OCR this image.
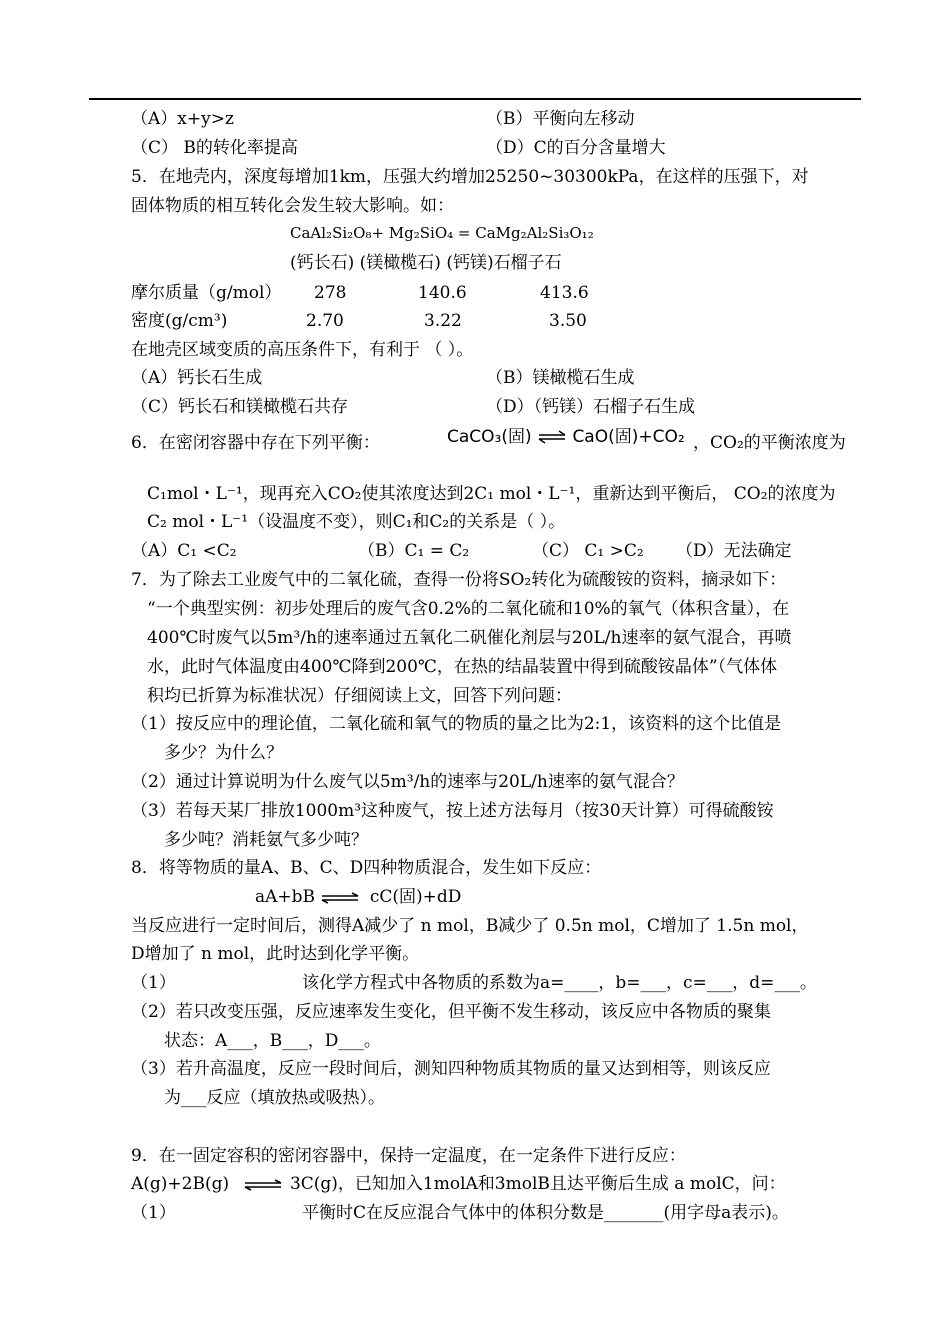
（A）x+y>z	（B）平衡向左移动
（C） B的转化率提高	（D）C的百分含量增大
5．在地壳内，深度每增加1km，压强大约增加25250~30300kPa，在这样的压强下，对
固体物质的相互转化会发生较大影响。如：
CaAl₂Si₂O₈+ Mg₂SiO₄ = CaMg₂Al₂Si₃O₁₂
(钙长石) (镁橄榄石) (钙镁)石榴子石
摩尔质量（g/mol） 278	140.6	413.6
密度(g/cm³)	2.70	3.22	3.50
在地壳区域变质的高压条件下，有利于 （ ）。
（A）钙长石生成	（B）镁橄榄石生成
（C）钙长石和镁橄榄石共存	（D）（钙镁）石榴子石生成
6．在密闭容器中存在下列平衡：	CaCO₃(固) ⇌ CaO(固)+CO₂ ，CO₂的平衡浓度为
C₁mol・L⁻¹，现再充入CO₂使其浓度达到2C₁ mol・L⁻¹，重新达到平衡后， CO₂的浓度为
C₂ mol・L⁻¹（设温度不变），则C₁和C₂的关系是（ ）。
（A）C₁ <C₂	（B）C₁ = C₂	（C） C₁ >C₂ （D）无法确定
7．为了除去工业废气中的二氧化硫，查得一份将SO₂转化为硫酸铵的资料，摘录如下：
“一个典型实例：初步处理后的废气含0.2%的二氧化硫和10%的氧气（体积含量），在
400℃时废气以5m³/h的速率通过五氧化二矾催化剂层与20L/h速率的氨气混合，再喷
水，此时气体温度由400℃降到200℃，在热的结晶装置中得到硫酸铵晶体”（气体体
积均已折算为标准状况）仔细阅读上文，回答下列问题：
（1）按反应中的理论值，二氧化硫和氧气的物质的量之比为2:1，该资料的这个比值是
多少？为什么？
（2）通过计算说明为什么废气以5m³/h的速率与20L/h速率的氨气混合？
（3）若每天某厂排放1000m³这种废气，按上述方法每月（按30天计算）可得硫酸铵
多少吨？消耗氨气多少吨？
8．将等物质的量A、B、C、D四种物质混合，发生如下反应：
aA+bB ⇌ cC(固)+dD
当反应进行一定时间后，测得A减少了 n mol，B减少了 0.5n mol，C增加了 1.5n mol，
D增加了 n mol，此时达到化学平衡。
（1）	该化学方程式中各物质的系数为a=____，b=___，c=___，d=___。
（2）若只改变压强，反应速率发生变化，但平衡不发生移动，该反应中各物质的聚集
状态：A___，B___，D___。
（3）若升高温度，反应一段时间后，测知四种物质其物质的量又达到相等，则该反应
为___反应（填放热或吸热）。
9．在一固定容积的密闭容器中，保持一定温度，在一定条件下进行反应：
A(g)+2B(g) ⇌ 3C(g)，已知加入1molA和3molB且达平衡后生成 a molC，问：
（1）	平衡时C在反应混合气体中的体积分数是_______(用字母a表示)。
